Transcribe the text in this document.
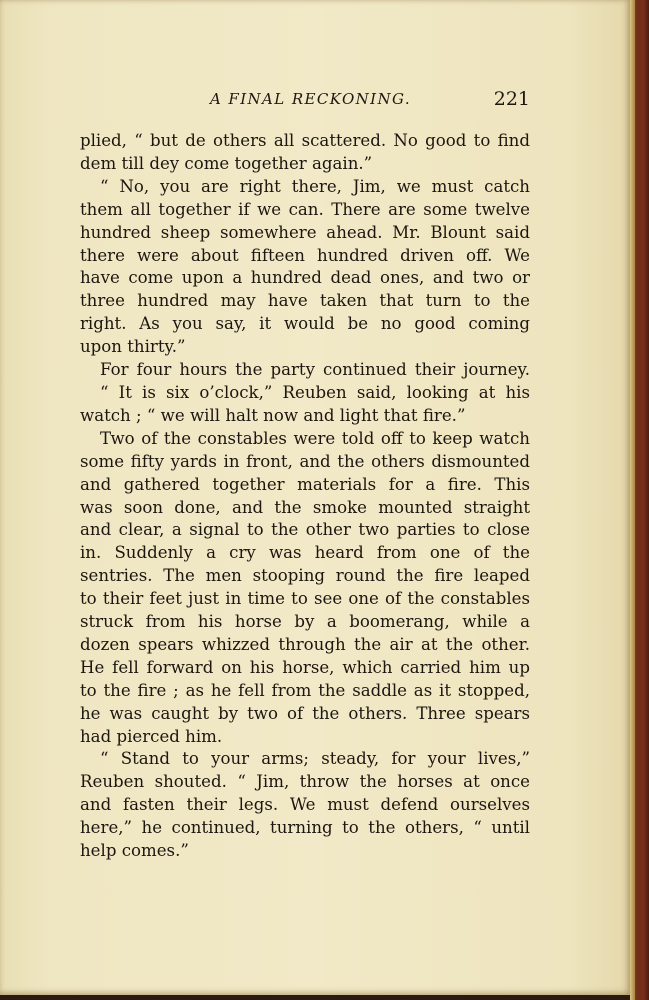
A FINAL RECKONING.	221
plied, “ but de others all scattered. No good to find
dem till dey come together again.”
“ No, you are right there, Jim, we must catch
them all together if we can. There are some twelve
hundred sheep somewhere ahead. Mr. Blount said
there were about fifteen hundred driven off. We
have come upon a hundred dead ones, and two or
three hundred may have taken that turn to the
right. As you say, it would be no good coming
upon thirty.”
For four hours the party continued their journey.
“ It is six o’clock,” Reuben said, looking at his
watch ; “ we will halt now and light that fire.”
Two of the constables were told off to keep watch
some fifty yards in front, and the others dismounted
and gathered together materials for a fire. This
was soon done, and the smoke mounted straight
and clear, a signal to the other two parties to close
in. Suddenly a cry was heard from one of the
sentries. The men stooping round the fire leaped
to their feet just in time to see one of the constables
struck from his horse by a boomerang, while a
dozen spears whizzed through the air at the other.
He fell forward on his horse, which carried him up
to the fire ; as he fell from the saddle as it stopped,
he was caught by two of the others. Three spears
had pierced him.
“ Stand to your arms; steady, for your lives,”
Reuben shouted. “ Jim, throw the horses at once
and fasten their legs. We must defend ourselves
here,” he continued, turning to the others, “ until
help comes.”
